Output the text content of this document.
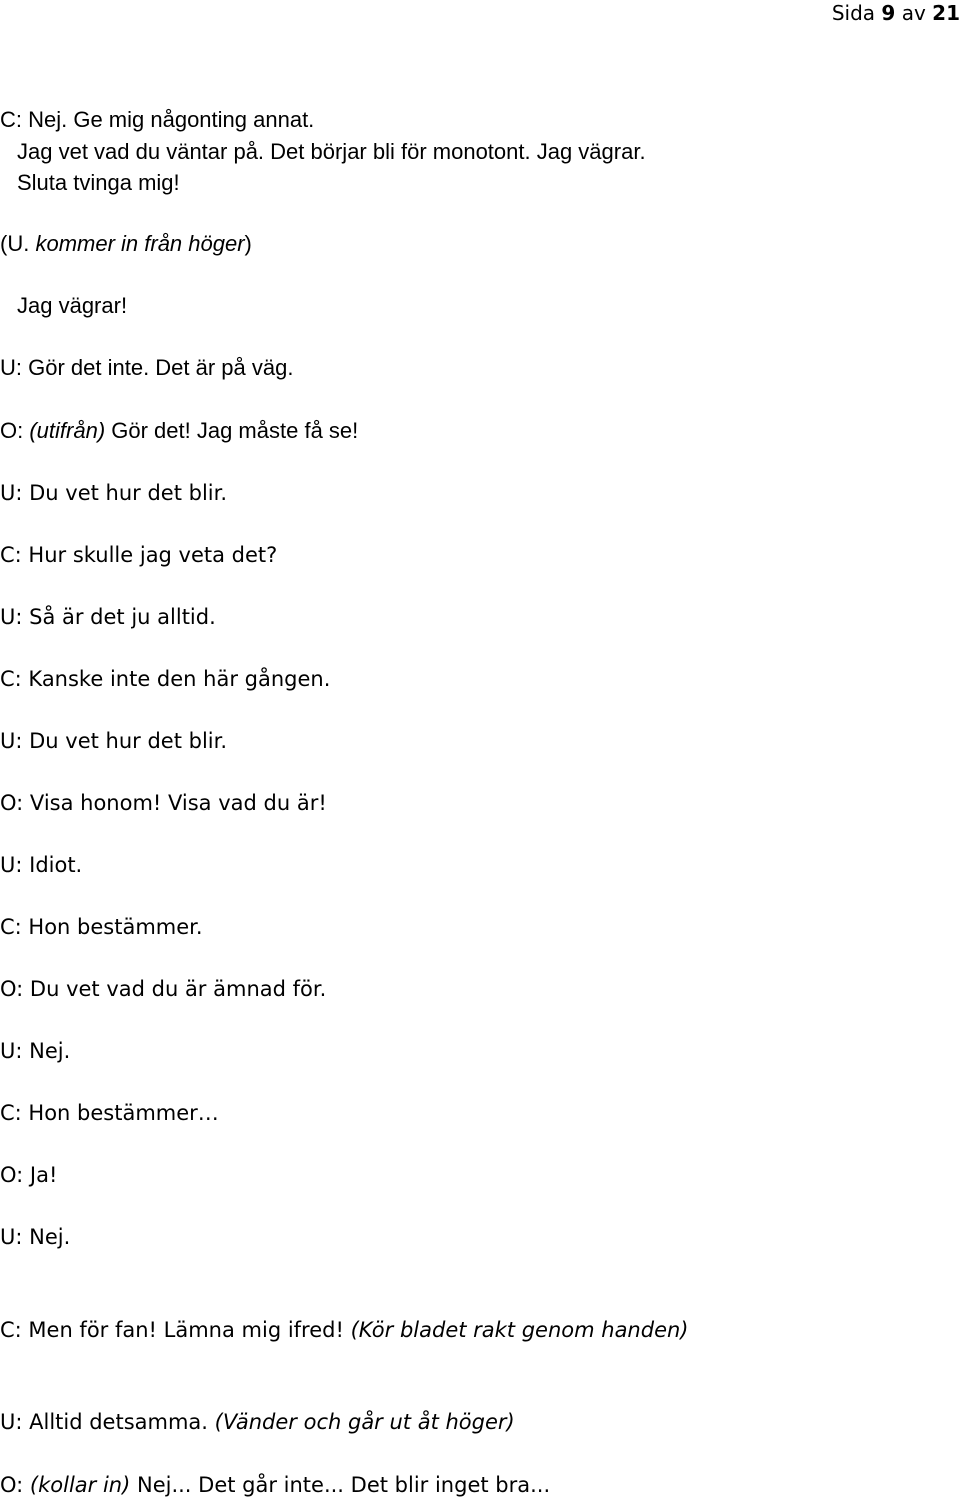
Sida 9 av 21
C: Nej. Ge mig någonting annat.
Jag vet vad du väntar på. Det börjar bli för monotont. Jag vägrar.
Sluta tvinga mig!
(U. kommer in från höger)
Jag vägrar!
U: Gör det inte. Det är på väg.
O: (utifrån) Gör det! Jag måste få se!
U: Du vet hur det blir.
C: Hur skulle jag veta det?
U: Så är det ju alltid.
C: Kanske inte den här gången.
U: Du vet hur det blir.
O: Visa honom! Visa vad du är!
U: Idiot.
C: Hon bestämmer.
O: Du vet vad du är ämnad för.
U: Nej.
C: Hon bestämmer…
O: Ja!
U: Nej.
C: Men för fan! Lämna mig ifred! (Kör bladet rakt genom handen)
U: Alltid detsamma. (Vänder och går ut åt höger)
O: (kollar in) Nej... Det går inte... Det blir inget bra...
